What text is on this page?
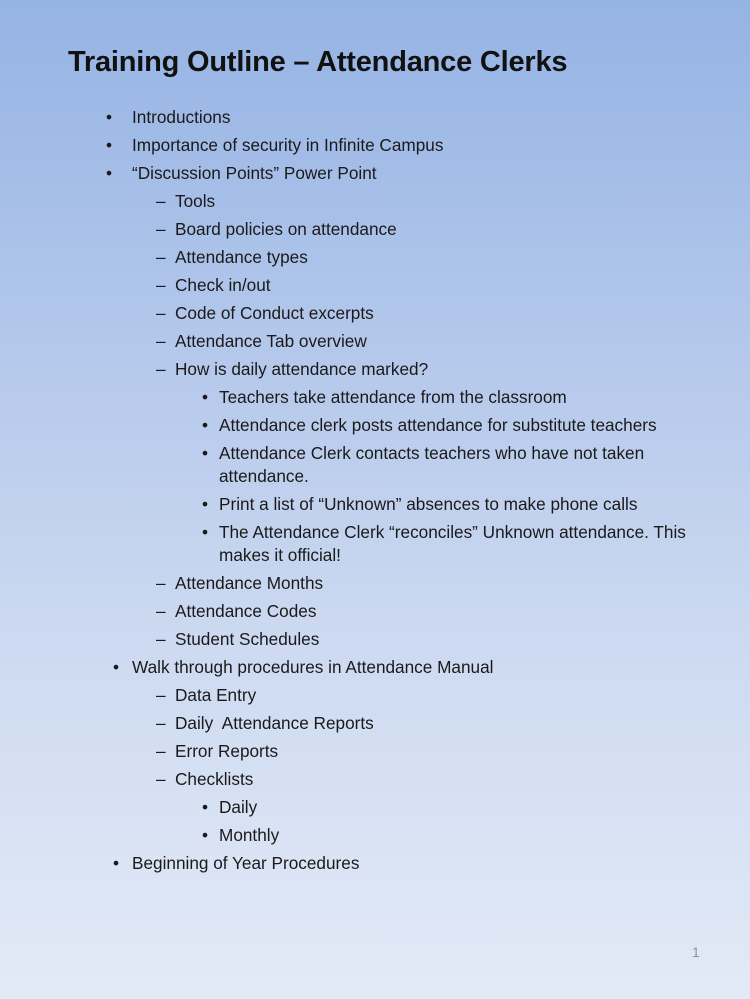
Training Outline – Attendance Clerks
• Introductions
• Importance of security in Infinite Campus
• “Discussion Points” Power Point
– Tools
– Board policies on attendance
– Attendance types
– Check in/out
– Code of Conduct excerpts
– Attendance Tab overview
– How is daily attendance marked?
• Teachers take attendance from the classroom
• Attendance clerk posts attendance for substitute teachers
• Attendance Clerk contacts teachers who have not taken attendance.
• Print a list of “Unknown” absences to make phone calls
• The Attendance Clerk “reconciles” Unknown attendance. This makes it official!
– Attendance Months
– Attendance Codes
– Student Schedules
• Walk through procedures in Attendance Manual
– Data Entry
– Daily  Attendance Reports
– Error Reports
– Checklists
• Daily
• Monthly
• Beginning of Year Procedures
1
